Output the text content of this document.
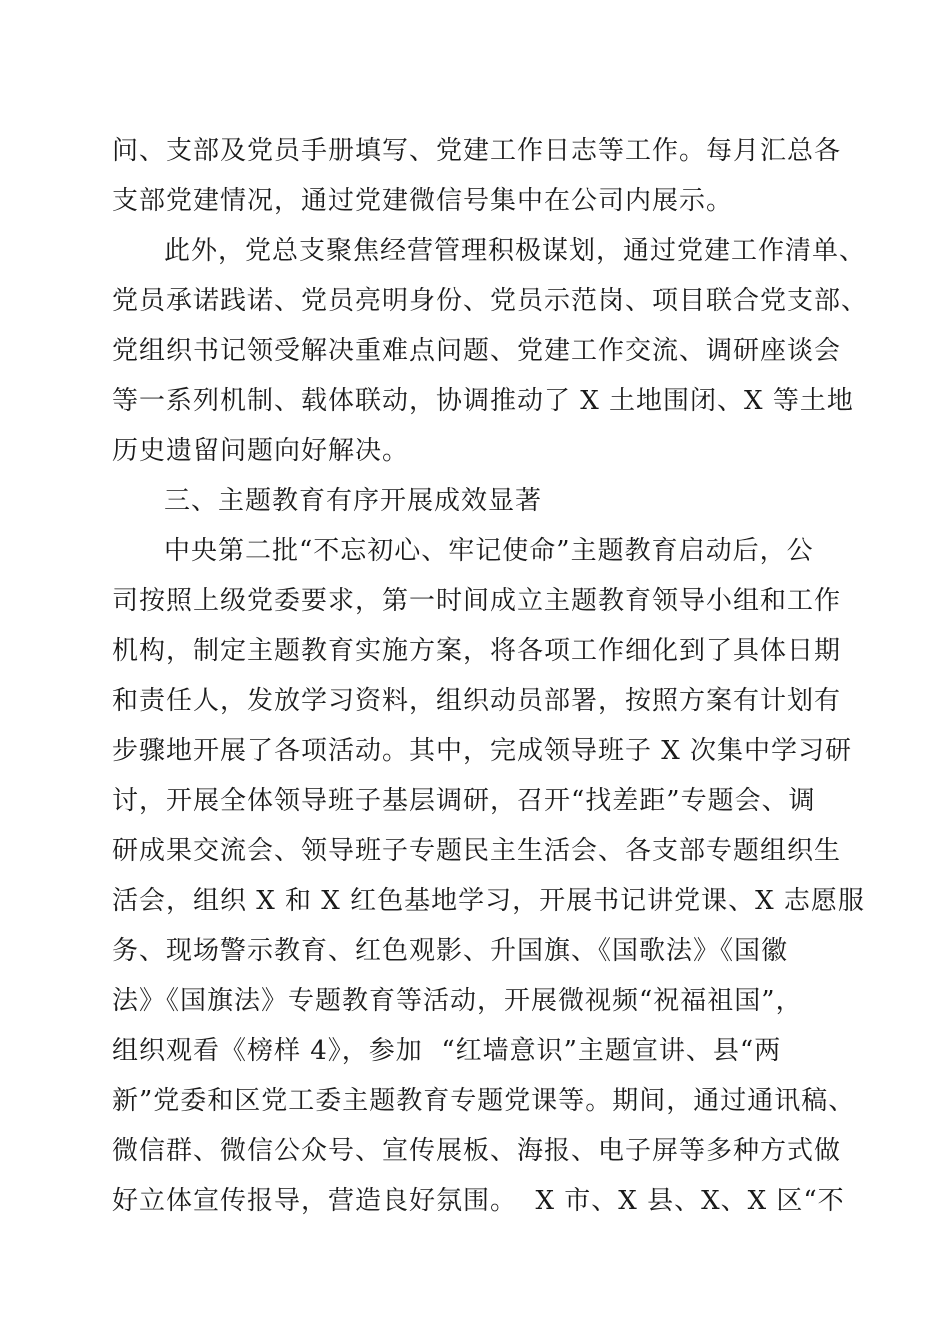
问、支部及党员手册填写、党建工作日志等工作。每月汇总各
支部党建情况，通过党建微信号集中在公司内展示。
此外，党总支聚焦经营管理积极谋划，通过党建工作清单、
党员承诺践诺、党员亮明身份、党员示范岗、项目联合党支部、
党组织书记领受解决重难点问题、党建工作交流、调研座谈会
等一系列机制、载体联动，协调推动了 X 土地围闭、X 等土地
历史遗留问题向好解决。
三、主题教育有序开展成效显著
中央第二批“不忘初心、牢记使命”主题教育启动后，公
司按照上级党委要求，第一时间成立主题教育领导小组和工作
机构，制定主题教育实施方案，将各项工作细化到了具体日期
和责任人，发放学习资料，组织动员部署，按照方案有计划有
步骤地开展了各项活动。其中，完成领导班子 X 次集中学习研
讨，开展全体领导班子基层调研，召开“找差距”专题会、调
研成果交流会、领导班子专题民主生活会、各支部专题组织生
活会，组织 X 和 X 红色基地学习，开展书记讲党课、X 志愿服
务、现场警示教育、红色观影、升国旗、《国歌法》《国徽
法》《国旗法》专题教育等活动，开展微视频“祝福祖国”，
组织观看《榜样 4》，参加  “红墙意识”主题宣讲、县“两
新”党委和区党工委主题教育专题党课等。期间，通过通讯稿、
微信群、微信公众号、宣传展板、海报、电子屏等多种方式做
好立体宣传报导，营造良好氛围。  X 市、X 县、X、X 区“不
